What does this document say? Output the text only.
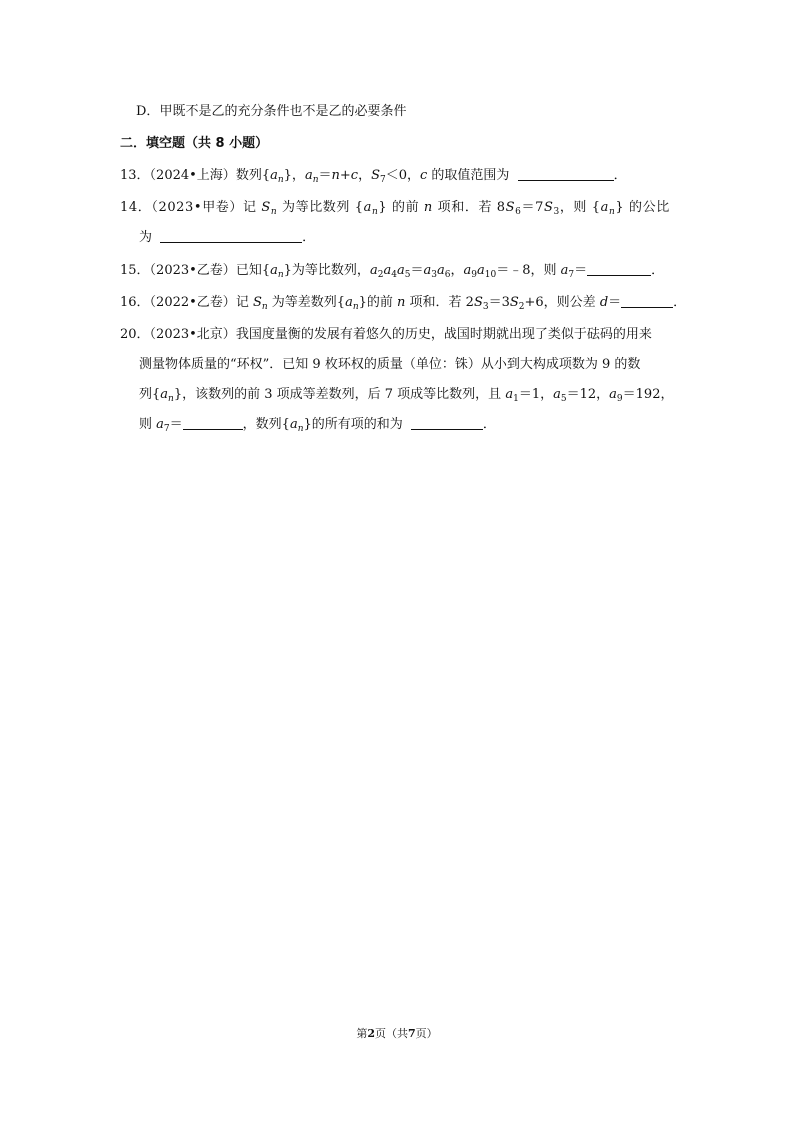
D．甲既不是乙的充分条件也不是乙的必要条件
二．填空题（共 8 小题）
13．（2024•上海）数列$\{a_n\}$，$a_n=n+c$，$S_7<0$，c 的取值范围为	．
14．（2023•甲卷）记 $S_n$ 为等比数列 $\{a_n\}$ 的前 n 项和．若 $8S_6=7S_3$，则 $\{a_n\}$ 的公比
为	．
15．（2023•乙卷）已知$\{a_n\}$为等比数列，$a_2a_4a_5=a_3a_6$，$a_9a_{10}=﹣8$，则 $a_7=$	．
16．（2022•乙卷）记 $S_n$ 为等差数列$\{a_n\}$的前 n 项和．若 $2S_3=3S_2+6$，则公差 d＝	．
20．（2023•北京）我国度量衡的发展有着悠久的历史，战国时期就出现了类似于砝码的用来
测量物体质量的“环权”．已知 9 枚环权的质量（单位：铢）从小到大构成项数为 9 的数
列$\{a_n\}$，该数列的前 3 项成等差数列，后 7 项成等比数列，且 $a_1=1$，$a_5=12$，$a_9=192$，
则 $a_7=$	，数列$\{a_n\}$的所有项的和为	．
第2页（共7页）
